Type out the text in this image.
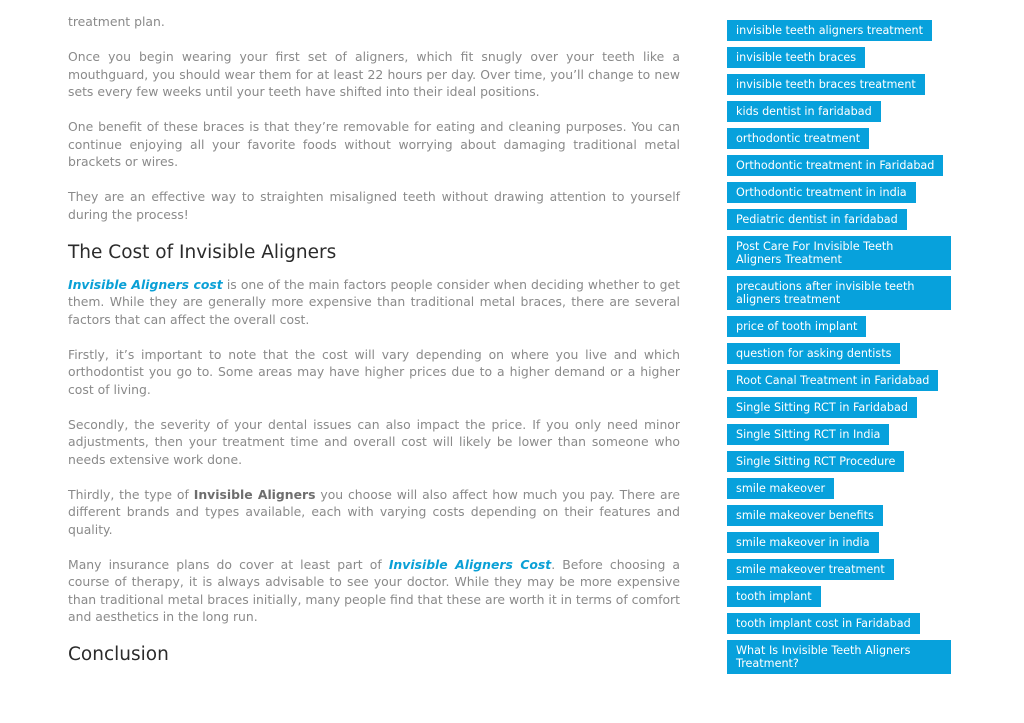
treatment plan.

Once you begin wearing your first set of aligners, which fit snugly over your teeth like a mouthguard, you should wear them for at least 22 hours per day. Over time, you’ll change to new sets every few weeks until your teeth have shifted into their ideal positions.

One benefit of these braces is that they’re removable for eating and cleaning purposes. You can continue enjoying all your favorite foods without worrying about damaging traditional metal brackets or wires.

They are an effective way to straighten misaligned teeth without drawing attention to yourself during the process!

The Cost of Invisible Aligners

Invisible Aligners cost is one of the main factors people consider when deciding whether to get them. While they are generally more expensive than traditional metal braces, there are several factors that can affect the overall cost.

Firstly, it’s important to note that the cost will vary depending on where you live and which orthodontist you go to. Some areas may have higher prices due to a higher demand or a higher cost of living.

Secondly, the severity of your dental issues can also impact the price. If you only need minor adjustments, then your treatment time and overall cost will likely be lower than someone who needs extensive work done.

Thirdly, the type of Invisible Aligners you choose will also affect how much you pay. There are different brands and types available, each with varying costs depending on their features and quality.

Many insurance plans do cover at least part of Invisible Aligners Cost. Before choosing a course of therapy, it is always advisable to see your doctor. While they may be more expensive than traditional metal braces initially, many people find that these are worth it in terms of comfort and aesthetics in the long run.

Conclusion
invisible teeth aligners treatment
invisible teeth braces
invisible teeth braces treatment
kids dentist in faridabad
orthodontic treatment
Orthodontic treatment in Faridabad
Orthodontic treatment in india
Pediatric dentist in faridabad
Post Care For Invisible Teeth Aligners Treatment
precautions after invisible teeth aligners treatment
price of tooth implant
question for asking dentists
Root Canal Treatment in Faridabad
Single Sitting RCT in Faridabad
Single Sitting RCT in India
Single Sitting RCT Procedure
smile makeover
smile makeover benefits
smile makeover in india
smile makeover treatment
tooth implant
tooth implant cost in Faridabad
What Is Invisible Teeth Aligners Treatment?
